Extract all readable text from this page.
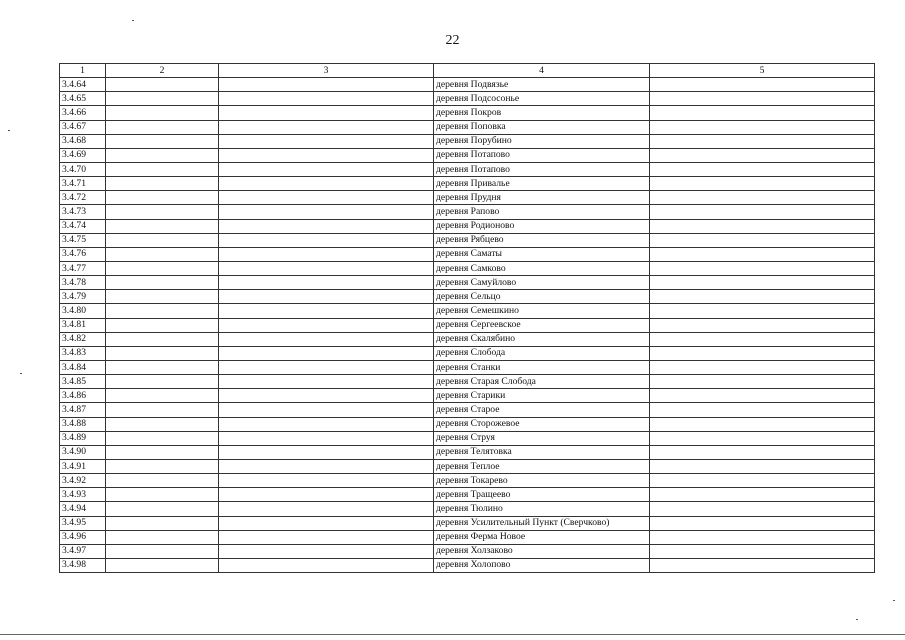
22
1	2	3	4	5
3.4.64			деревня Подвязье	
3.4.65			деревня Подсосонье	
3.4.66			деревня Покров	
3.4.67			деревня Поповка	
3.4.68			деревня Порубино	
3.4.69			деревня Потапово	
3.4.70			деревня Потапово	
3.4.71			деревня Привалье	
3.4.72			деревня Прудня	
3.4.73			деревня Рапово	
3.4.74			деревня Родионово	
3.4.75			деревня Рябцево	
3.4.76			деревня Саматы	
3.4.77			деревня Самково	
3.4.78			деревня Самуйлово	
3.4.79			деревня Сельцо	
3.4.80			деревня Семешкино	
3.4.81			деревня Сергеевское	
3.4.82			деревня Скалябино	
3.4.83			деревня Слобода	
3.4.84			деревня Станки	
3.4.85			деревня Старая Слобода	
3.4.86			деревня Старики	
3.4.87			деревня Старое	
3.4.88			деревня Сторожевое	
3.4.89			деревня Струя	
3.4.90			деревня Телятовка	
3.4.91			деревня Теплое	
3.4.92			деревня Токарево	
3.4.93			деревня Тращеево	
3.4.94			деревня Тюлино	
3.4.95			деревня Усилительный Пункт (Сверчково)	
3.4.96			деревня Ферма Новое	
3.4.97			деревня Холзаково	
3.4.98			деревня Холопово	
